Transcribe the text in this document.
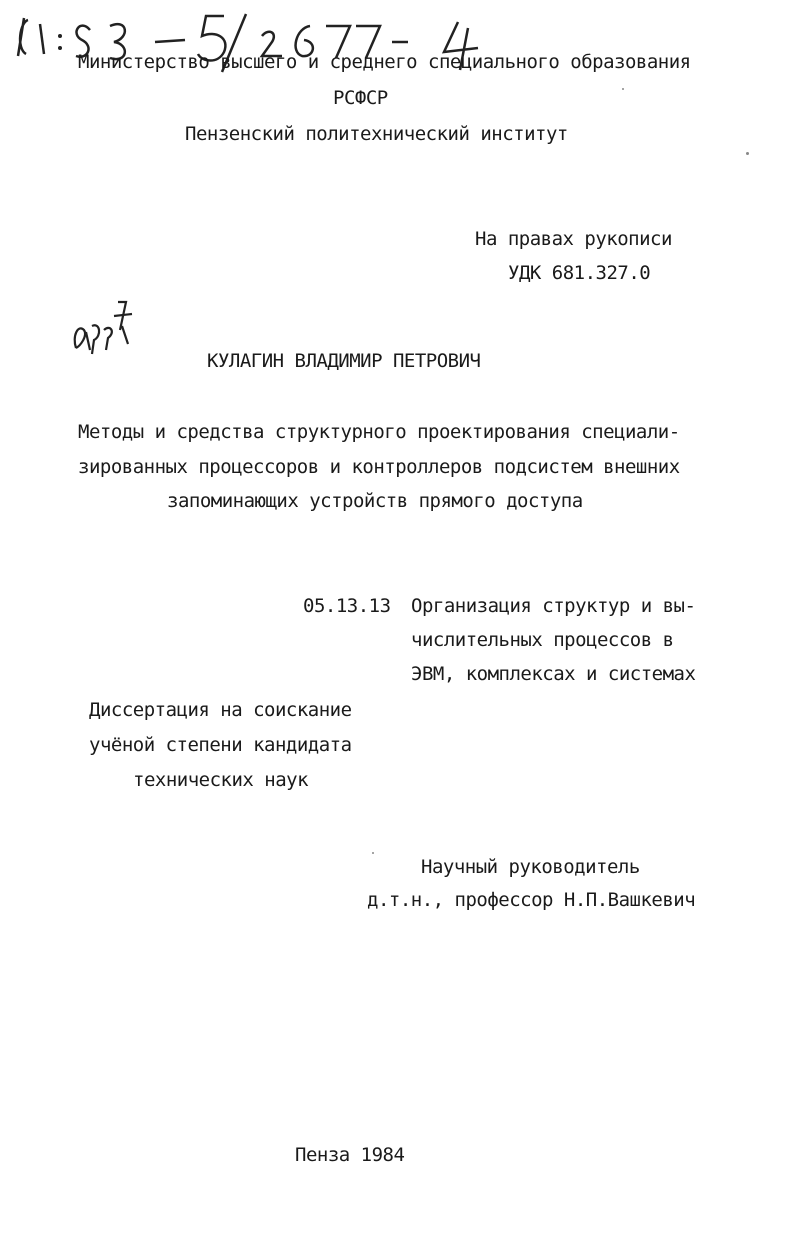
Министерство высшего и среднего специального образования
РСФСР
Пензенский политехнический институт
На правах рукописи
УДК 681.327.0
КУЛАГИН ВЛАДИМИР ПЕТРОВИЧ
Методы и средства структурного проектирования специали-
зированных процессоров и контроллеров подсистем внешних
запоминающих устройств прямого доступа
05.13.13 Организация структур и вы-
числительных процессов в
ЭВМ, комплексах и системах
Диссертация на соискание
учёной степени кандидата
технических наук
Научный руководитель
д.т.н., профессор Н.П.Вашкевич
Пенза 1984
